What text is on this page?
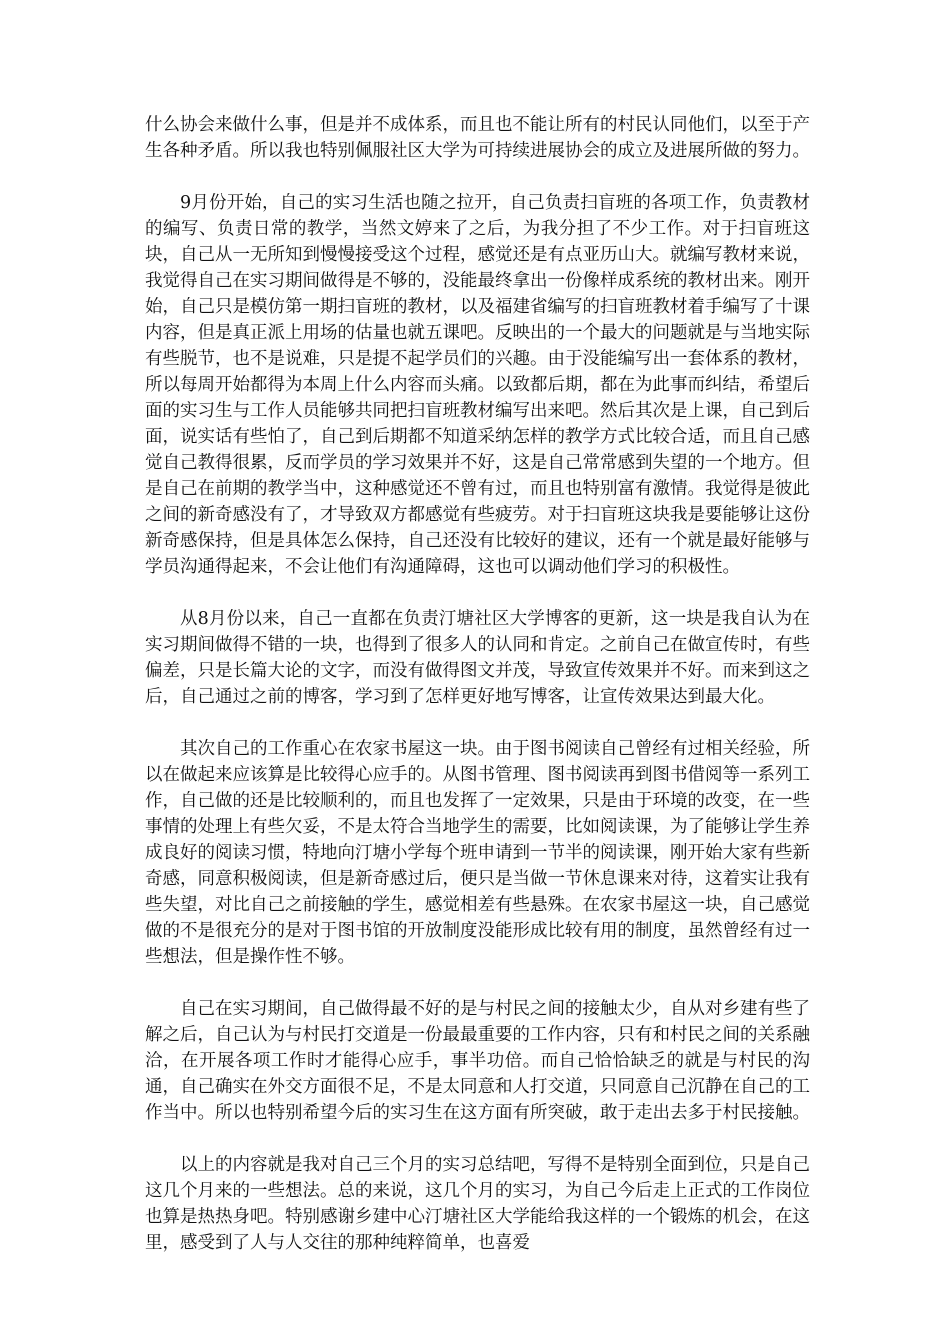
什么协会来做什么事，但是并不成体系，而且也不能让所有的村民认同他们，以至于产生各种矛盾。所以我也特别佩服社区大学为可持续进展协会的成立及进展所做的努力。

9月份开始，自己的实习生活也随之拉开，自己负责扫盲班的各项工作，负责教材的编写、负责日常的教学，当然文婷来了之后，为我分担了不少工作。对于扫盲班这块，自己从一无所知到慢慢接受这个过程，感觉还是有点亚历山大。就编写教材来说，我觉得自己在实习期间做得是不够的，没能最终拿出一份像样成系统的教材出来。刚开始，自己只是模仿第一期扫盲班的教材，以及福建省编写的扫盲班教材着手编写了十课内容，但是真正派上用场的估量也就五课吧。反映出的一个最大的问题就是与当地实际有些脱节，也不是说难，只是提不起学员们的兴趣。由于没能编写出一套体系的教材，所以每周开始都得为本周上什么内容而头痛。以致都后期，都在为此事而纠结，希望后面的实习生与工作人员能够共同把扫盲班教材编写出来吧。然后其次是上课，自己到后面，说实话有些怕了，自己到后期都不知道采纳怎样的教学方式比较合适，而且自己感觉自己教得很累，反而学员的学习效果并不好，这是自己常常感到失望的一个地方。但是自己在前期的教学当中，这种感觉还不曾有过，而且也特别富有激情。我觉得是彼此之间的新奇感没有了，才导致双方都感觉有些疲劳。对于扫盲班这块我是要能够让这份新奇感保持，但是具体怎么保持，自己还没有比较好的建议，还有一个就是最好能够与学员沟通得起来，不会让他们有沟通障碍，这也可以调动他们学习的积极性。

从8月份以来，自己一直都在负责汀塘社区大学博客的更新，这一块是我自认为在实习期间做得不错的一块，也得到了很多人的认同和肯定。之前自己在做宣传时，有些偏差，只是长篇大论的文字，而没有做得图文并茂，导致宣传效果并不好。而来到这之后，自己通过之前的博客，学习到了怎样更好地写博客，让宣传效果达到最大化。

其次自己的工作重心在农家书屋这一块。由于图书阅读自己曾经有过相关经验，所以在做起来应该算是比较得心应手的。从图书管理、图书阅读再到图书借阅等一系列工作，自己做的还是比较顺利的，而且也发挥了一定效果，只是由于环境的改变，在一些事情的处理上有些欠妥，不是太符合当地学生的需要，比如阅读课，为了能够让学生养成良好的阅读习惯，特地向汀塘小学每个班申请到一节半的阅读课，刚开始大家有些新奇感，同意积极阅读，但是新奇感过后，便只是当做一节休息课来对待，这着实让我有些失望，对比自己之前接触的学生，感觉相差有些悬殊。在农家书屋这一块，自己感觉做的不是很充分的是对于图书馆的开放制度没能形成比较有用的制度，虽然曾经有过一些想法，但是操作性不够。

自己在实习期间，自己做得最不好的是与村民之间的接触太少，自从对乡建有些了解之后，自己认为与村民打交道是一份最最重要的工作内容，只有和村民之间的关系融洽，在开展各项工作时才能得心应手，事半功倍。而自己恰恰缺乏的就是与村民的沟通，自己确实在外交方面很不足，不是太同意和人打交道，只同意自己沉静在自己的工作当中。所以也特别希望今后的实习生在这方面有所突破，敢于走出去多于村民接触。

以上的内容就是我对自己三个月的实习总结吧，写得不是特别全面到位，只是自己这几个月来的一些想法。总的来说，这几个月的实习，为自己今后走上正式的工作岗位也算是热热身吧。特别感谢乡建中心汀塘社区大学能给我这样的一个锻炼的机会，在这里，感受到了人与人交往的那种纯粹简单，也喜爱
